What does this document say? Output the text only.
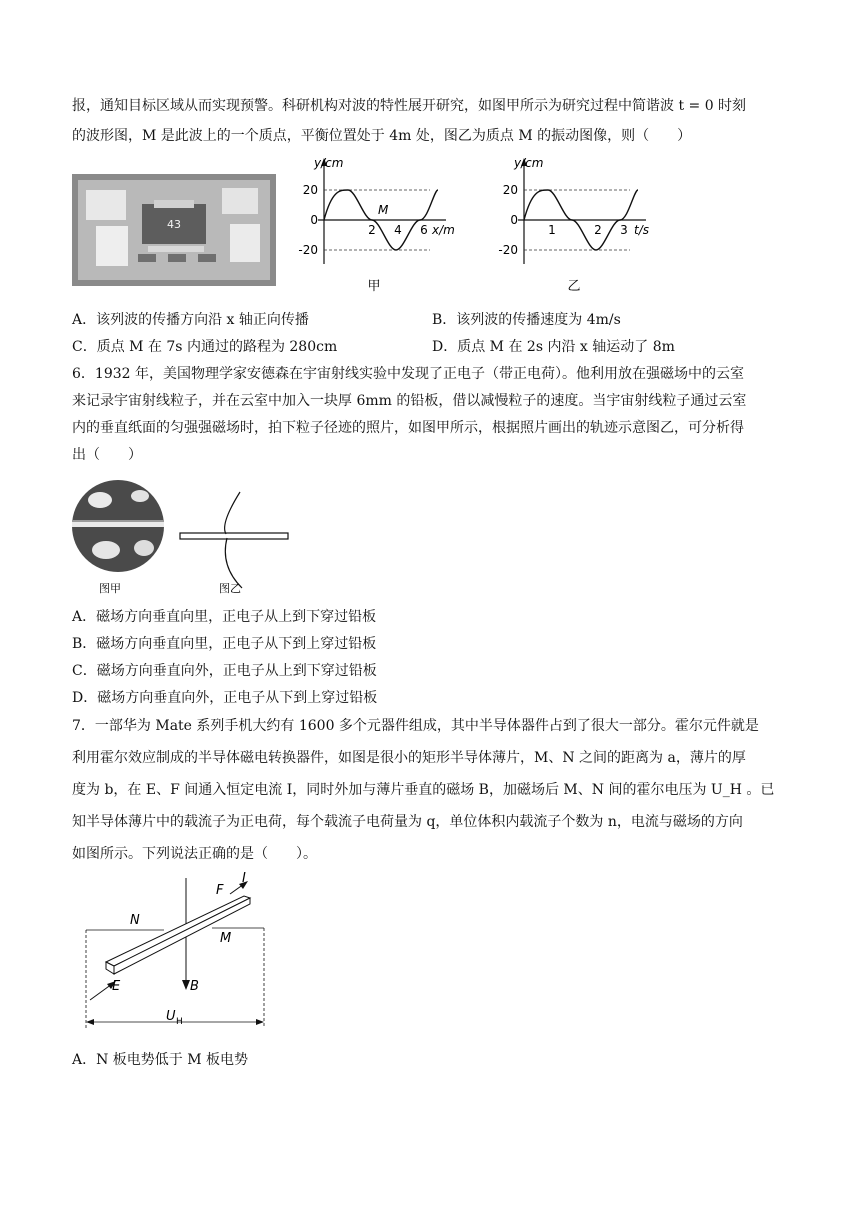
报，通知目标区域从而实现预警。科研机构对波的特性展开研究，如图甲所示为研究过程中简谐波 t = 0 时刻
的波形图，M 是此波上的一个质点，平衡位置处于 4m 处，图乙为质点 M 的振动图像，则（　　）
43
y/cm
20
0
-20
2 4 6 x/m
M
甲
y/cm
20
0
-20
1	2 3 t/s
乙
A．该列波的传播方向沿 x 轴正向传播	B．该列波的传播速度为 4m/s
C．质点 M 在 7s 内通过的路程为 280cm	D．质点 M 在 2s 内沿 x 轴运动了 8m
6．1932 年，美国物理学家安德森在宇宙射线实验中发现了正电子（带正电荷）。他利用放在强磁场中的云室
来记录宇宙射线粒子，并在云室中加入一块厚 6mm 的铅板，借以减慢粒子的速度。当宇宙射线粒子通过云室
内的垂直纸面的匀强强磁场时，拍下粒子径迹的照片，如图甲所示，根据照片画出的轨迹示意图乙，可分析得
出（　　）
图甲	图乙
A．磁场方向垂直向里，正电子从上到下穿过铅板
B．磁场方向垂直向里，正电子从下到上穿过铅板
C．磁场方向垂直向外，正电子从上到下穿过铅板
D．磁场方向垂直向外，正电子从下到上穿过铅板
7．一部华为 Mate 系列手机大约有 1600 多个元器件组成，其中半导体器件占到了很大一部分。霍尔元件就是
利用霍尔效应制成的半导体磁电转换器件，如图是很小的矩形半导体薄片，M、N 之间的距离为 a，薄片的厚
度为 b，在 E、F 间通入恒定电流 I，同时外加与薄片垂直的磁场 B，加磁场后 M、N 间的霍尔电压为 U_H 。已
知半导体薄片中的载流子为正电荷，每个载流子电荷量为 q，单位体积内载流子个数为 n，电流与磁场的方向
如图所示。下列说法正确的是（　　）。
F
I
N
M
E	B
U H
A．N 板电势低于 M 板电势
